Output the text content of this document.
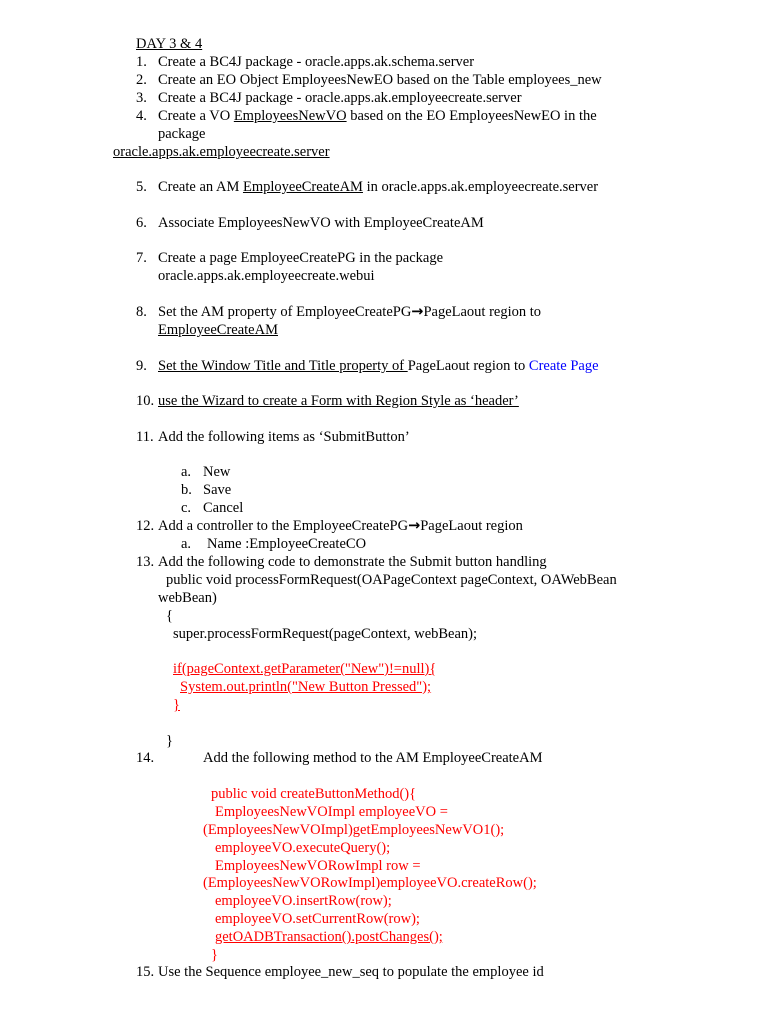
DAY 3 & 4
1. Create a BC4J package - oracle.apps.ak.schema.server
2. Create an EO Object EmployeesNewEO based on the Table employees_new
3. Create a BC4J package - oracle.apps.ak.employeecreate.server
4. Create a VO EmployeesNewVO based on the EO EmployeesNewEO in the
package
oracle.apps.ak.employeecreate.server
5. Create an AM EmployeeCreateAM in oracle.apps.ak.employeecreate.server
6. Associate EmployeesNewVO with EmployeeCreateAM
7. Create a page EmployeeCreatePG in the package
oracle.apps.ak.employeecreate.webui
8. Set the AM property of EmployeeCreatePG→PageLaout region to
EmployeeCreateAM
9. Set the Window Title and Title property of PageLaout region to Create Page
10. use the Wizard to create a Form with Region Style as ‘header’
11. Add the following items as ‘SubmitButton’
a. New
b. Save
c. Cancel
12. Add a controller to the EmployeeCreatePG→PageLaout region
a. Name :EmployeeCreateCO
13. Add the following code to demonstrate the Submit button handling
public void processFormRequest(OAPageContext pageContext, OAWebBean
webBean)
{
super.processFormRequest(pageContext, webBean);
if(pageContext.getParameter("New")!=null){
System.out.println("New Button Pressed");
}
}
14.	Add the following method to the AM EmployeeCreateAM
public void createButtonMethod(){
EmployeesNewVOImpl employeeVO =
(EmployeesNewVOImpl)getEmployeesNewVO1();
employeeVO.executeQuery();
EmployeesNewVORowImpl row =
(EmployeesNewVORowImpl)employeeVO.createRow();
employeeVO.insertRow(row);
employeeVO.setCurrentRow(row);
getOADBTransaction().postChanges();
}
15. Use the Sequence employee_new_seq to populate the employee id
